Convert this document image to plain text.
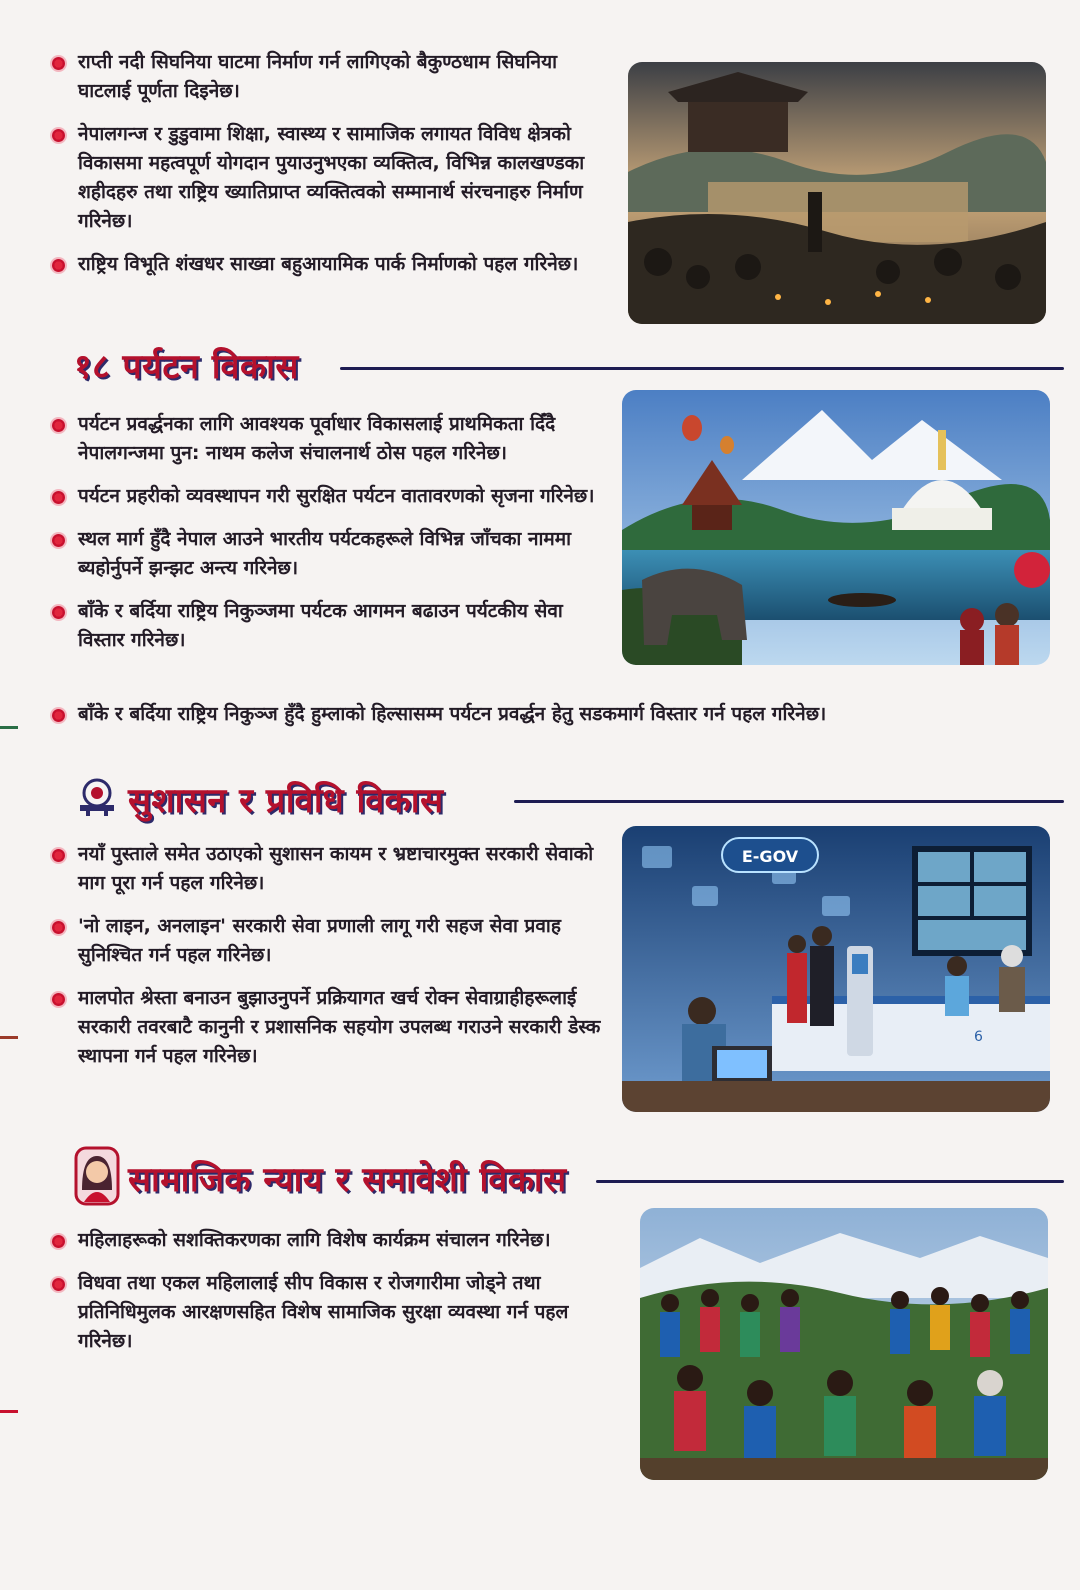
राप्ती नदी सिघनिया घाटमा निर्माण गर्न लागिएको बैकुण्ठधाम सिघनिया घाटलाई पूर्णता दिइनेछ।
नेपालगन्ज र डुडुवामा शिक्षा, स्वास्थ्य र सामाजिक लगायत विविध क्षेत्रको विकासमा महत्वपूर्ण योगदान पुयाउनुभएका व्यक्तित्व, विभिन्न कालखण्डका शहीदहरु तथा राष्ट्रिय ख्यातिप्राप्त व्यक्तित्वको सम्मानार्थ संरचनाहरु निर्माण गरिनेछ।
राष्ट्रिय विभूति शंखधर साख्वा बहुआयामिक पार्क निर्माणको पहल गरिनेछ।
१८ पर्यटन विकास
पर्यटन प्रवर्द्धनका लागि आवश्यक पूर्वाधार विकासलाई प्राथमिकता दिँदै नेपालगन्जमा पुन: नाथम कलेज संचालनार्थ ठोस पहल गरिनेछ।
पर्यटन प्रहरीको व्यवस्थापन गरी सुरक्षित पर्यटन वातावरणको सृजना गरिनेछ।
स्थल मार्ग हुँदै नेपाल आउने भारतीय पर्यटकहरूले विभिन्न जाँचका नाममा ब्यहोर्नुपर्ने झन्झट अन्त्य गरिनेछ।
बाँके र बर्दिया राष्ट्रिय निकुञ्जमा पर्यटक आगमन बढाउन पर्यटकीय सेवा विस्तार गरिनेछ।
बाँके र बर्दिया राष्ट्रिय निकुञ्ज हुँदै हुम्लाको हिल्सासम्म पर्यटन प्रवर्द्धन हेतु सडकमार्ग विस्तार गर्न पहल गरिनेछ।
सुशासन र प्रविधि विकास
नयाँ पुस्ताले समेत उठाएको सुशासन कायम र भ्रष्टाचारमुक्त सरकारी सेवाको माग पूरा गर्न पहल गरिनेछ।
'नो लाइन, अनलाइन' सरकारी सेवा प्रणाली लागू गरी सहज सेवा प्रवाह सुनिश्चित गर्न पहल गरिनेछ।
मालपोत श्रेस्ता बनाउन बुझाउनुपर्ने प्रक्रियागत खर्च रोक्न सेवाग्राहीहरूलाई सरकारी तवरबाटै कानुनी र प्रशासनिक सहयोग उपलब्ध गराउने सरकारी डेस्क स्थापना गर्न पहल गरिनेछ।
E-GOV
6
सामाजिक न्याय र समावेशी विकास
महिलाहरूको सशक्तिकरणका लागि विशेष कार्यक्रम संचालन गरिनेछ।
विधवा तथा एकल महिलालाई सीप विकास र रोजगारीमा जोड्ने तथा प्रतिनिधिमुलक आरक्षणसहित विशेष सामाजिक सुरक्षा व्यवस्था गर्न पहल गरिनेछ।
